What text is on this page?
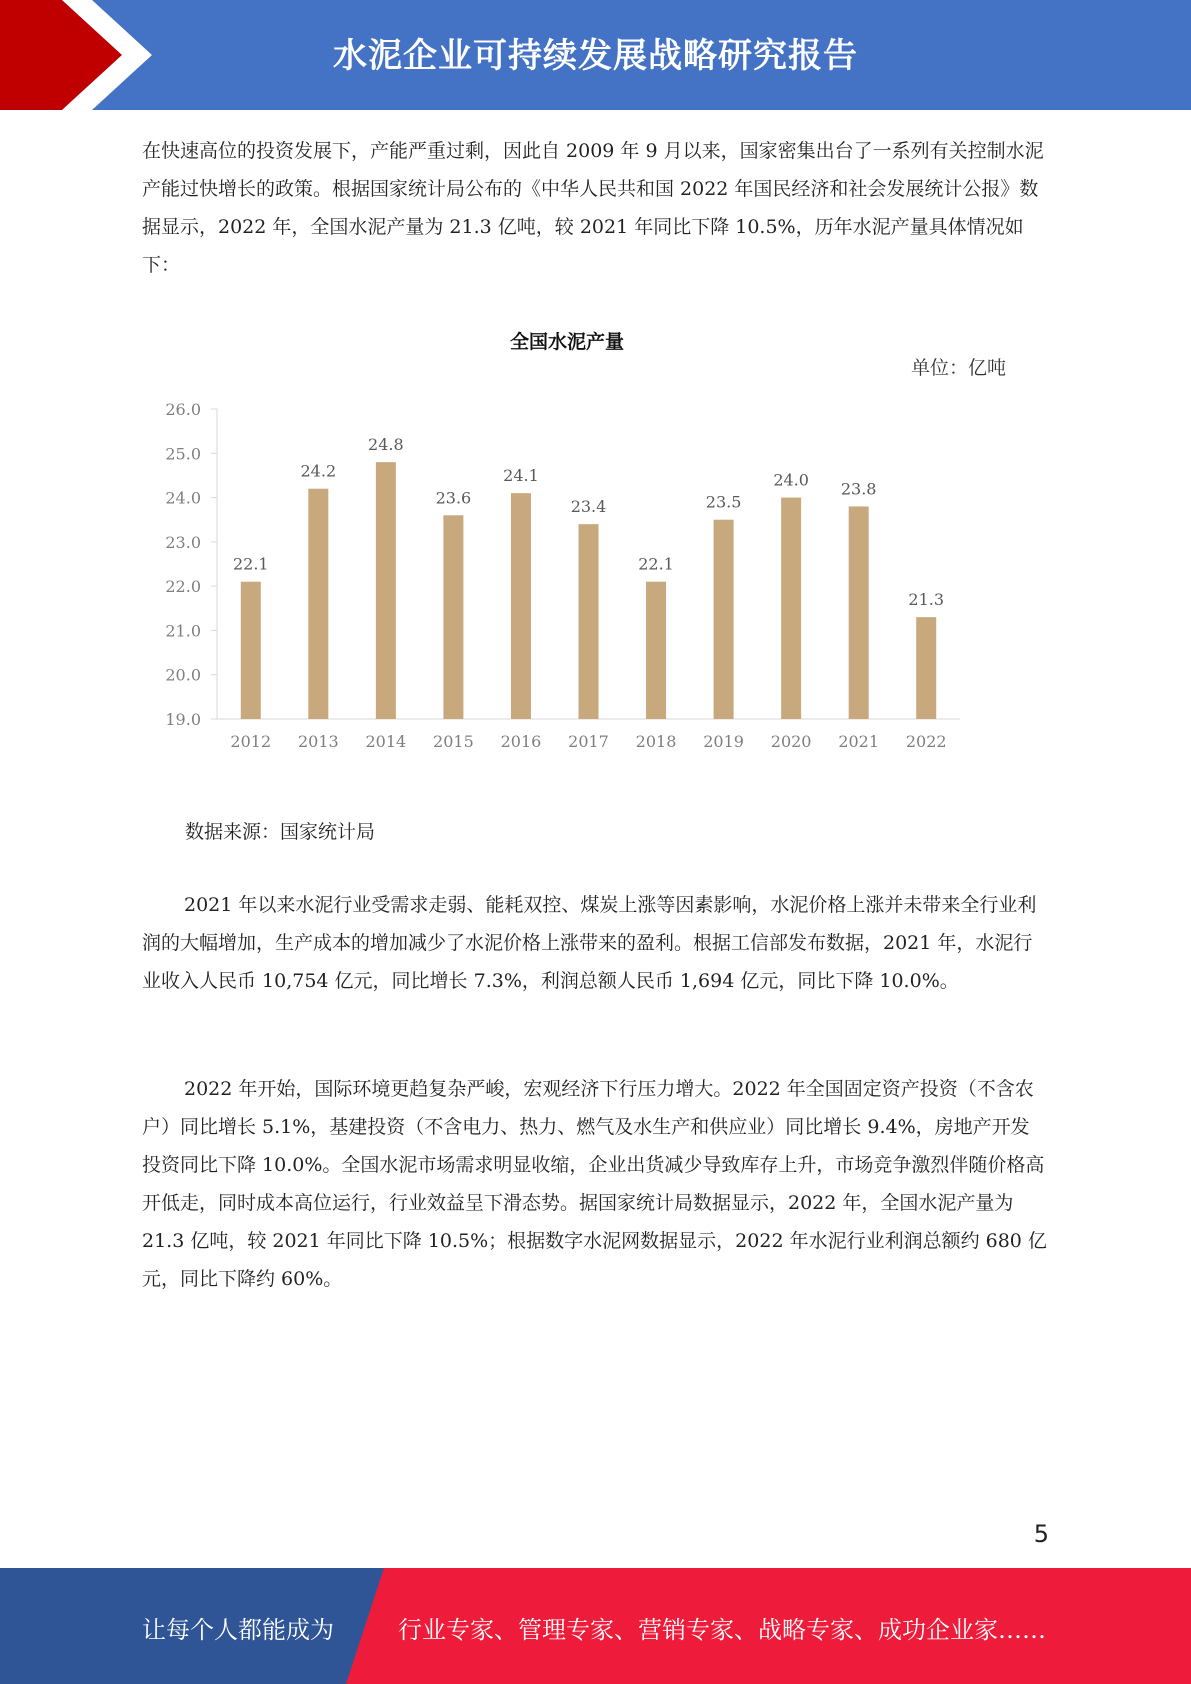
水泥企业可持续发展战略研究报告

在快速高位的投资发展下，产能严重过剩，因此自 2009 年 9 月以来，国家密集出台了一系列有关控制水泥产能过快增长的政策。根据国家统计局公布的《中华人民共和国 2022 年国民经济和社会发展统计公报》数据显示，2022 年，全国水泥产量为 21.3 亿吨，较 2021 年同比下降 10.5%，历年水泥产量具体情况如下：

全国水泥产量
单位：亿吨
19.0
20.0
21.0
22.0
23.0
24.0
25.0
26.0
2012 2013 2014 2015 2016 2017 2018 2019 2020 2021 2022
22.1
24.2
24.8
23.6
24.1
23.4
22.1
23.5
24.0 23.8
21.3
数据来源：国家统计局

2021 年以来水泥行业受需求走弱、能耗双控、煤炭上涨等因素影响，水泥价格上涨并未带来全行业利润的大幅增加，生产成本的增加减少了水泥价格上涨带来的盈利。根据工信部发布数据，2021 年，水泥行业收入人民币 10,754 亿元，同比增长 7.3%，利润总额人民币 1,694 亿元，同比下降 10.0%。

2022 年开始，国际环境更趋复杂严峻，宏观经济下行压力增大。2022 年全国固定资产投资（不含农户）同比增长 5.1%，基建投资（不含电力、热力、燃气及水生产和供应业）同比增长 9.4%，房地产开发投资同比下降 10.0%。全国水泥市场需求明显收缩，企业出货减少导致库存上升，市场竞争激烈伴随价格高开低走，同时成本高位运行，行业效益呈下滑态势。据国家统计局数据显示，2022 年，全国水泥产量为 21.3 亿吨，较 2021 年同比下降 10.5%；根据数字水泥网数据显示，2022 年水泥行业利润总额约 680 亿元，同比下降约 60%。

5
让每个人都能成为	行业专家、管理专家、营销专家、战略专家、成功企业家……
